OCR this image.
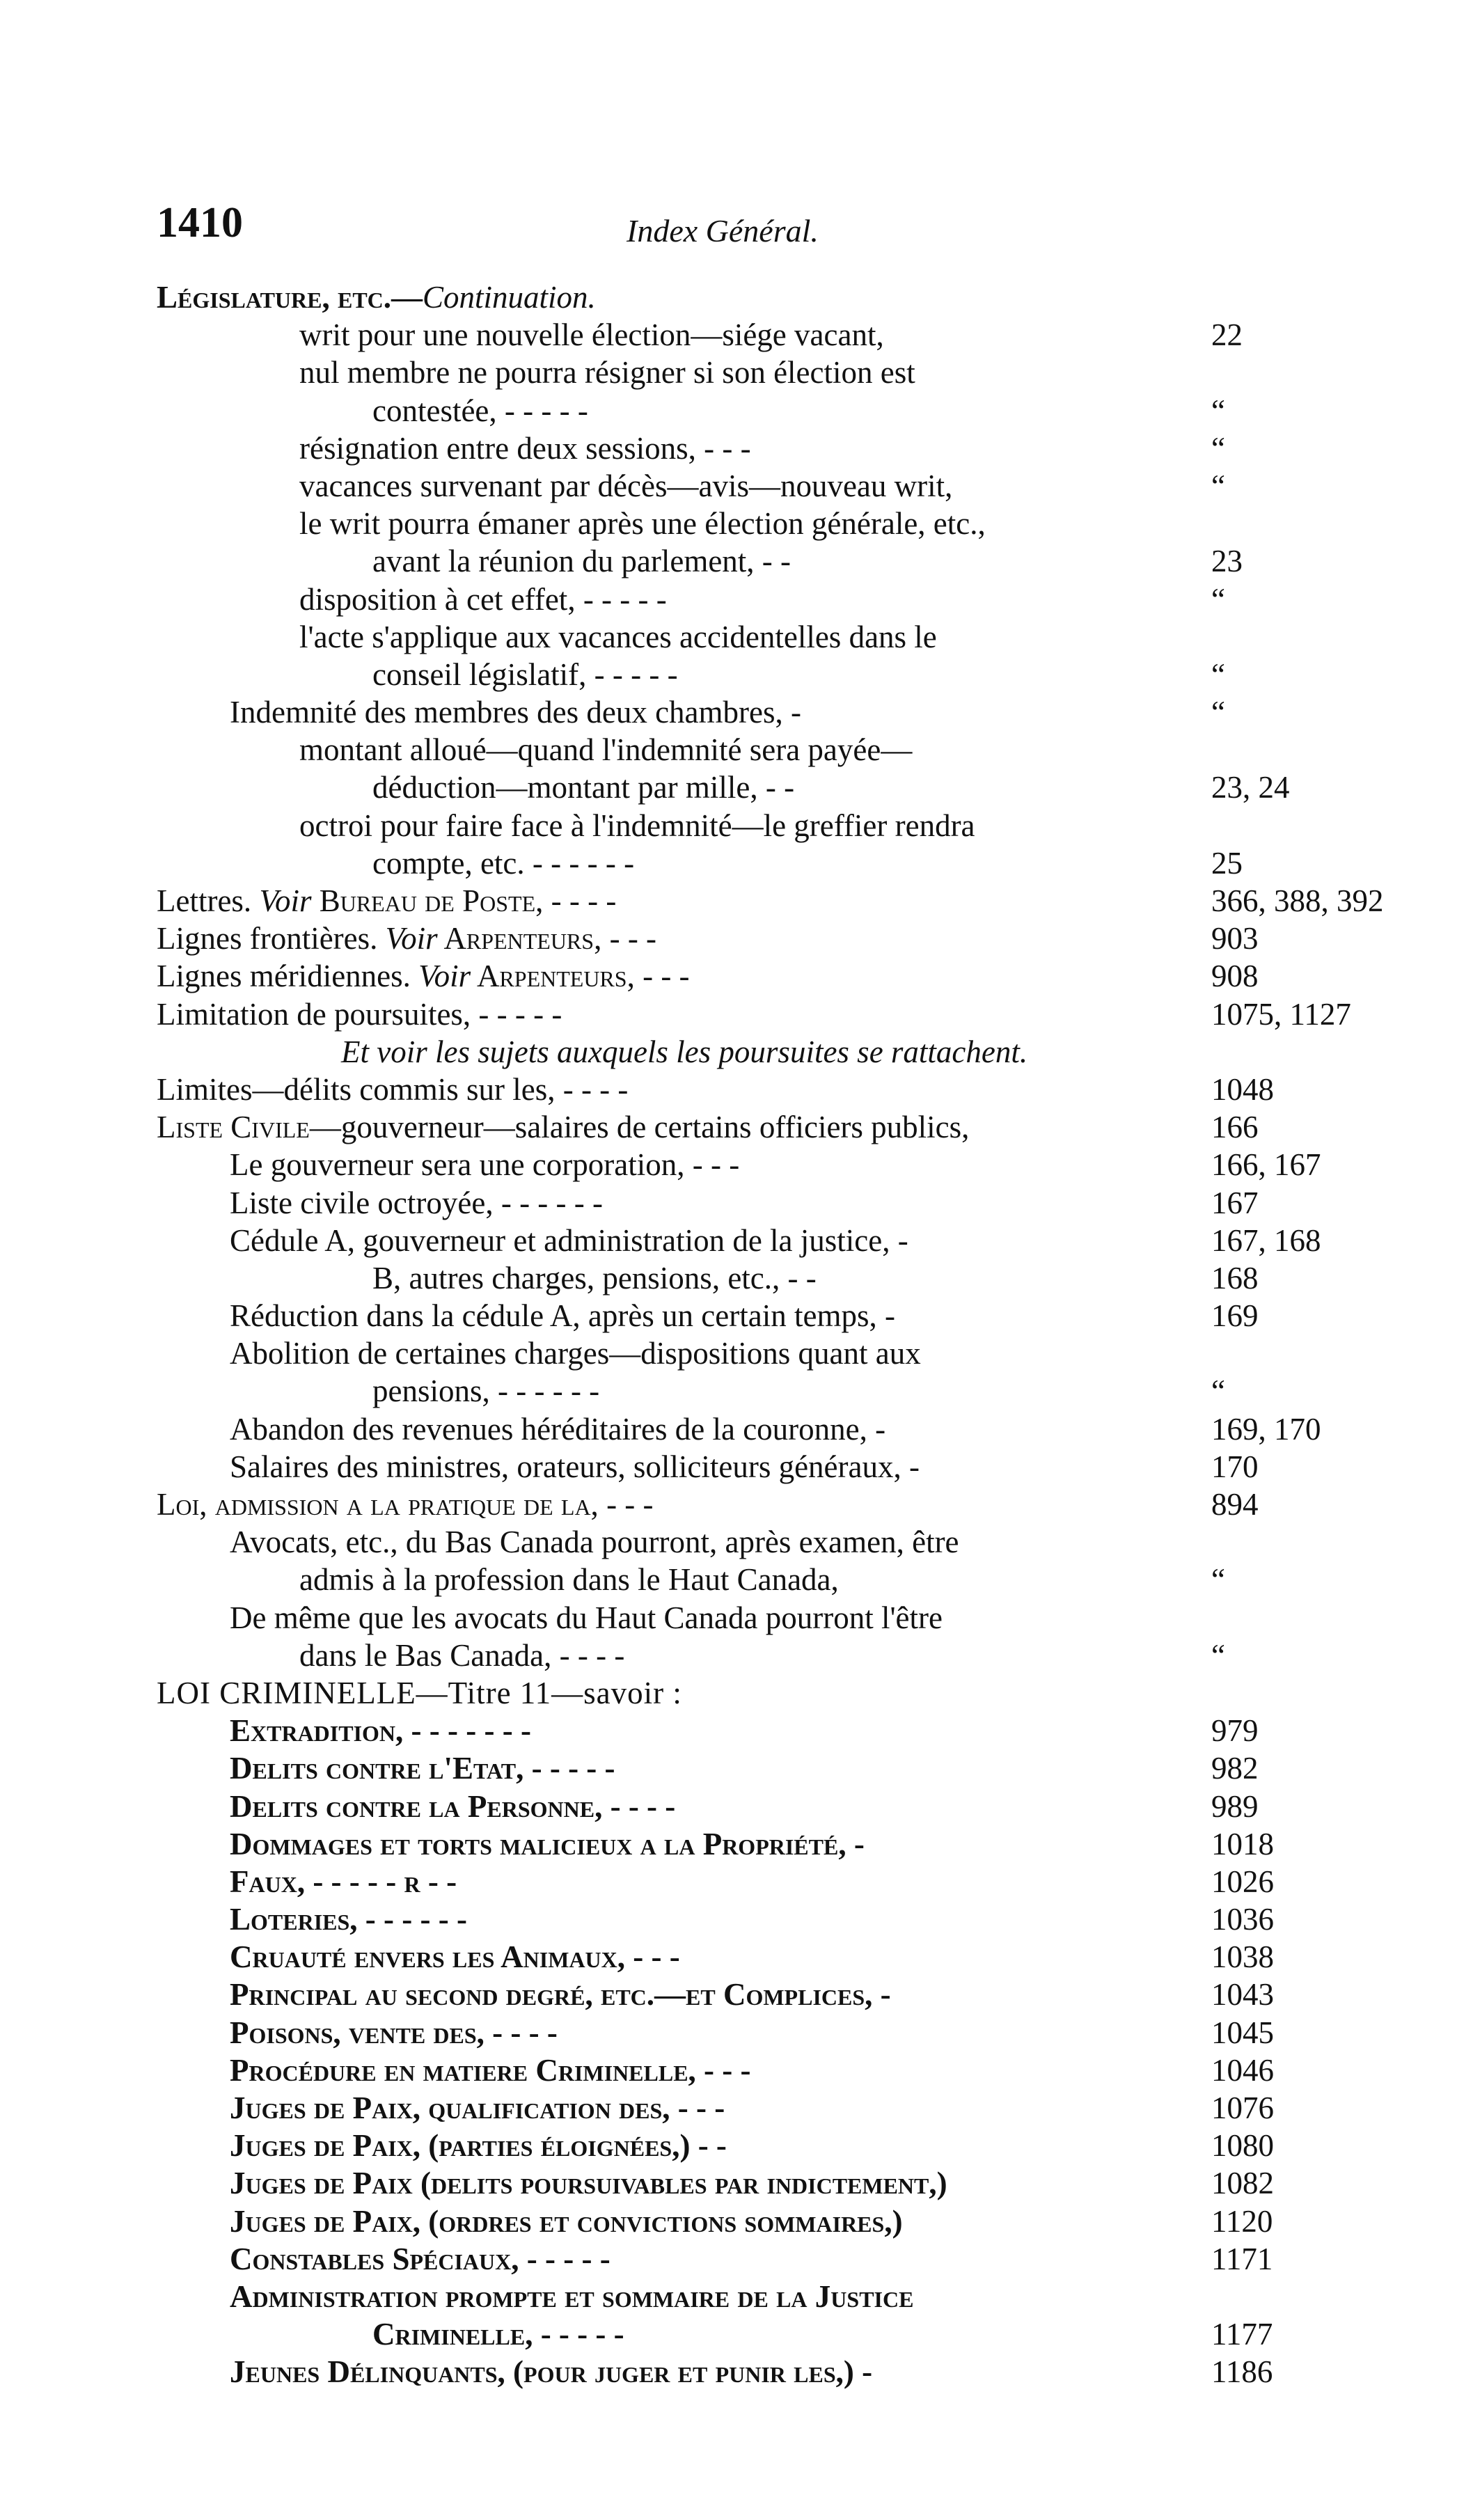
1410	Index Général.
Législature, etc.—Continuation.
writ pour une nouvelle élection—siége vacant,	22
nul membre ne pourra résigner si son élection est
contestée, - - - - -	“
résignation entre deux sessions, - - -	“
vacances survenant par décès—avis—nouveau writ,	“
le writ pourra émaner après une élection générale, etc.,
avant la réunion du parlement, - -	23
disposition à cet effet, - - - - -	“
l'acte s'applique aux vacances accidentelles dans le
conseil législatif, - - - - -	“
Indemnité des membres des deux chambres, -	“
montant alloué—quand l'indemnité sera payée—
déduction—montant par mille, - -	23, 24
octroi pour faire face à l'indemnité—le greffier rendra
compte, etc. - - - - - -	25
Lettres. Voir Bureau de Poste, - - - -	366, 388, 392
Lignes frontières. Voir Arpenteurs, - - -	903
Lignes méridiennes. Voir Arpenteurs, - - -	908
Limitation de poursuites, - - - - -	1075, 1127
Et voir les sujets auxquels les poursuites se rattachent.
Limites—délits commis sur les, - - - -	1048
Liste Civile—gouverneur—salaires de certains officiers publics,	166
Le gouverneur sera une corporation, - - -	166, 167
Liste civile octroyée, - - - - - -	167
Cédule A, gouverneur et administration de la justice, -	167, 168
B, autres charges, pensions, etc., - -	168
Réduction dans la cédule A, après un certain temps, -	169
Abolition de certaines charges—dispositions quant aux
pensions, - - - - - -	“
Abandon des revenues héréditaires de la couronne, -	169, 170
Salaires des ministres, orateurs, solliciteurs généraux, -	170
Loi, admission a la pratique de la, - - -	894
Avocats, etc., du Bas Canada pourront, après examen, être
admis à la profession dans le Haut Canada,	“
De même que les avocats du Haut Canada pourront l'être
dans le Bas Canada, - - - -	“
LOI CRIMINELLE—Titre 11—savoir :
Extradition, - - - - - - -	979
Delits contre l'Etat, - - - - -	982
Delits contre la Personne, - - - -	989
Dommages et torts malicieux a la Propriété, -	1018
Faux, - - - - - r - -	1026
Loteries, - - - - - -	1036
Cruauté envers les Animaux, - - -	1038
Principal au second degré, etc.—et Complices, -	1043
Poisons, vente des, - - - -	1045
Procédure en matiere Criminelle, - - -	1046
Juges de Paix, qualification des, - - -	1076
Juges de Paix, (parties éloignées,) - -	1080
Juges de Paix (delits poursuivables par indictement,)	1082
Juges de Paix, (ordres et convictions sommaires,)	1120
Constables Spéciaux, - - - - -	1171
Administration prompte et sommaire de la Justice
Criminelle, - - - - -	1177
Jeunes Délinquants, (pour juger et punir les,) -	1186
